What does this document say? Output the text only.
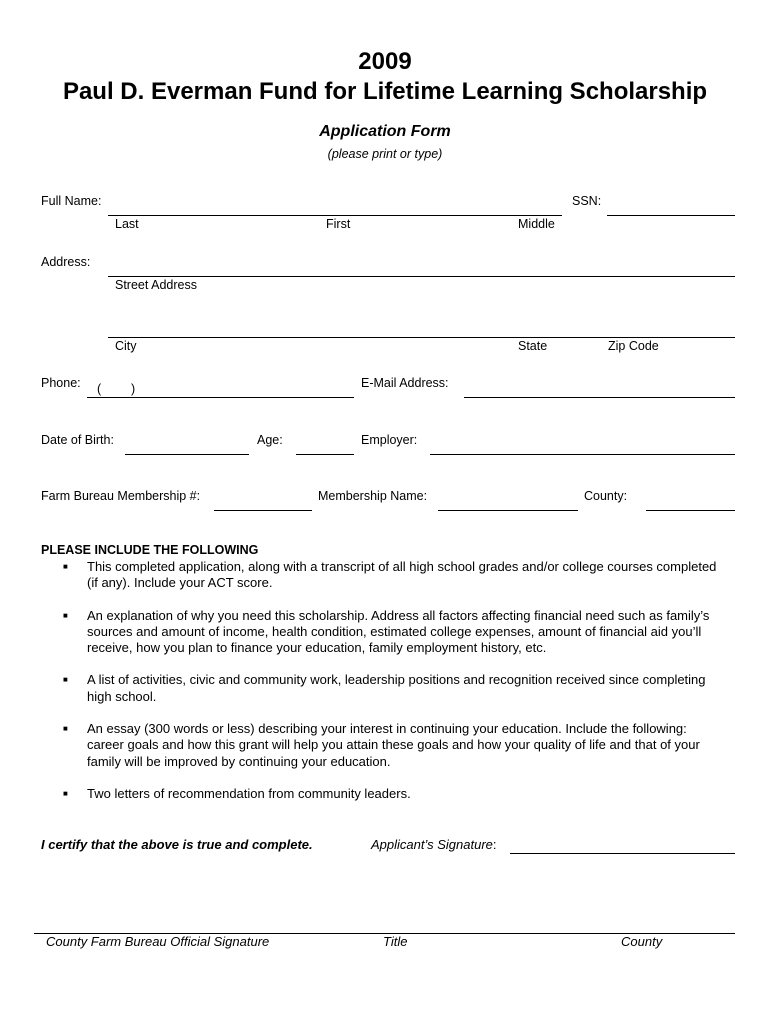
2009
Paul D. Everman Fund for Lifetime Learning Scholarship
Application Form
(please print or type)
Full Name:	SSN:
Last	First	Middle
Address:
Street Address
City	State	Zip Code
Phone: ( )	E-Mail Address:
Date of Birth:	Age:	Employer:
Farm Bureau Membership #:	Membership Name:	County:
PLEASE INCLUDE THE FOLLOWING
■ This completed application, along with a transcript of all high school grades and/or college courses completed (if any). Include your ACT score.
■ An explanation of why you need this scholarship. Address all factors affecting financial need such as family’s sources and amount of income, health condition, estimated college expenses, amount of financial aid you’ll receive, how you plan to finance your education, family employment history, etc.
■ A list of activities, civic and community work, leadership positions and recognition received since completing high school.
■ An essay (300 words or less) describing your interest in continuing your education. Include the following: career goals and how this grant will help you attain these goals and how your quality of life and that of your family will be improved by continuing your education.
■ Two letters of recommendation from community leaders.
I certify that the above is true and complete.	Applicant’s Signature:
County Farm Bureau Official Signature	Title	County
